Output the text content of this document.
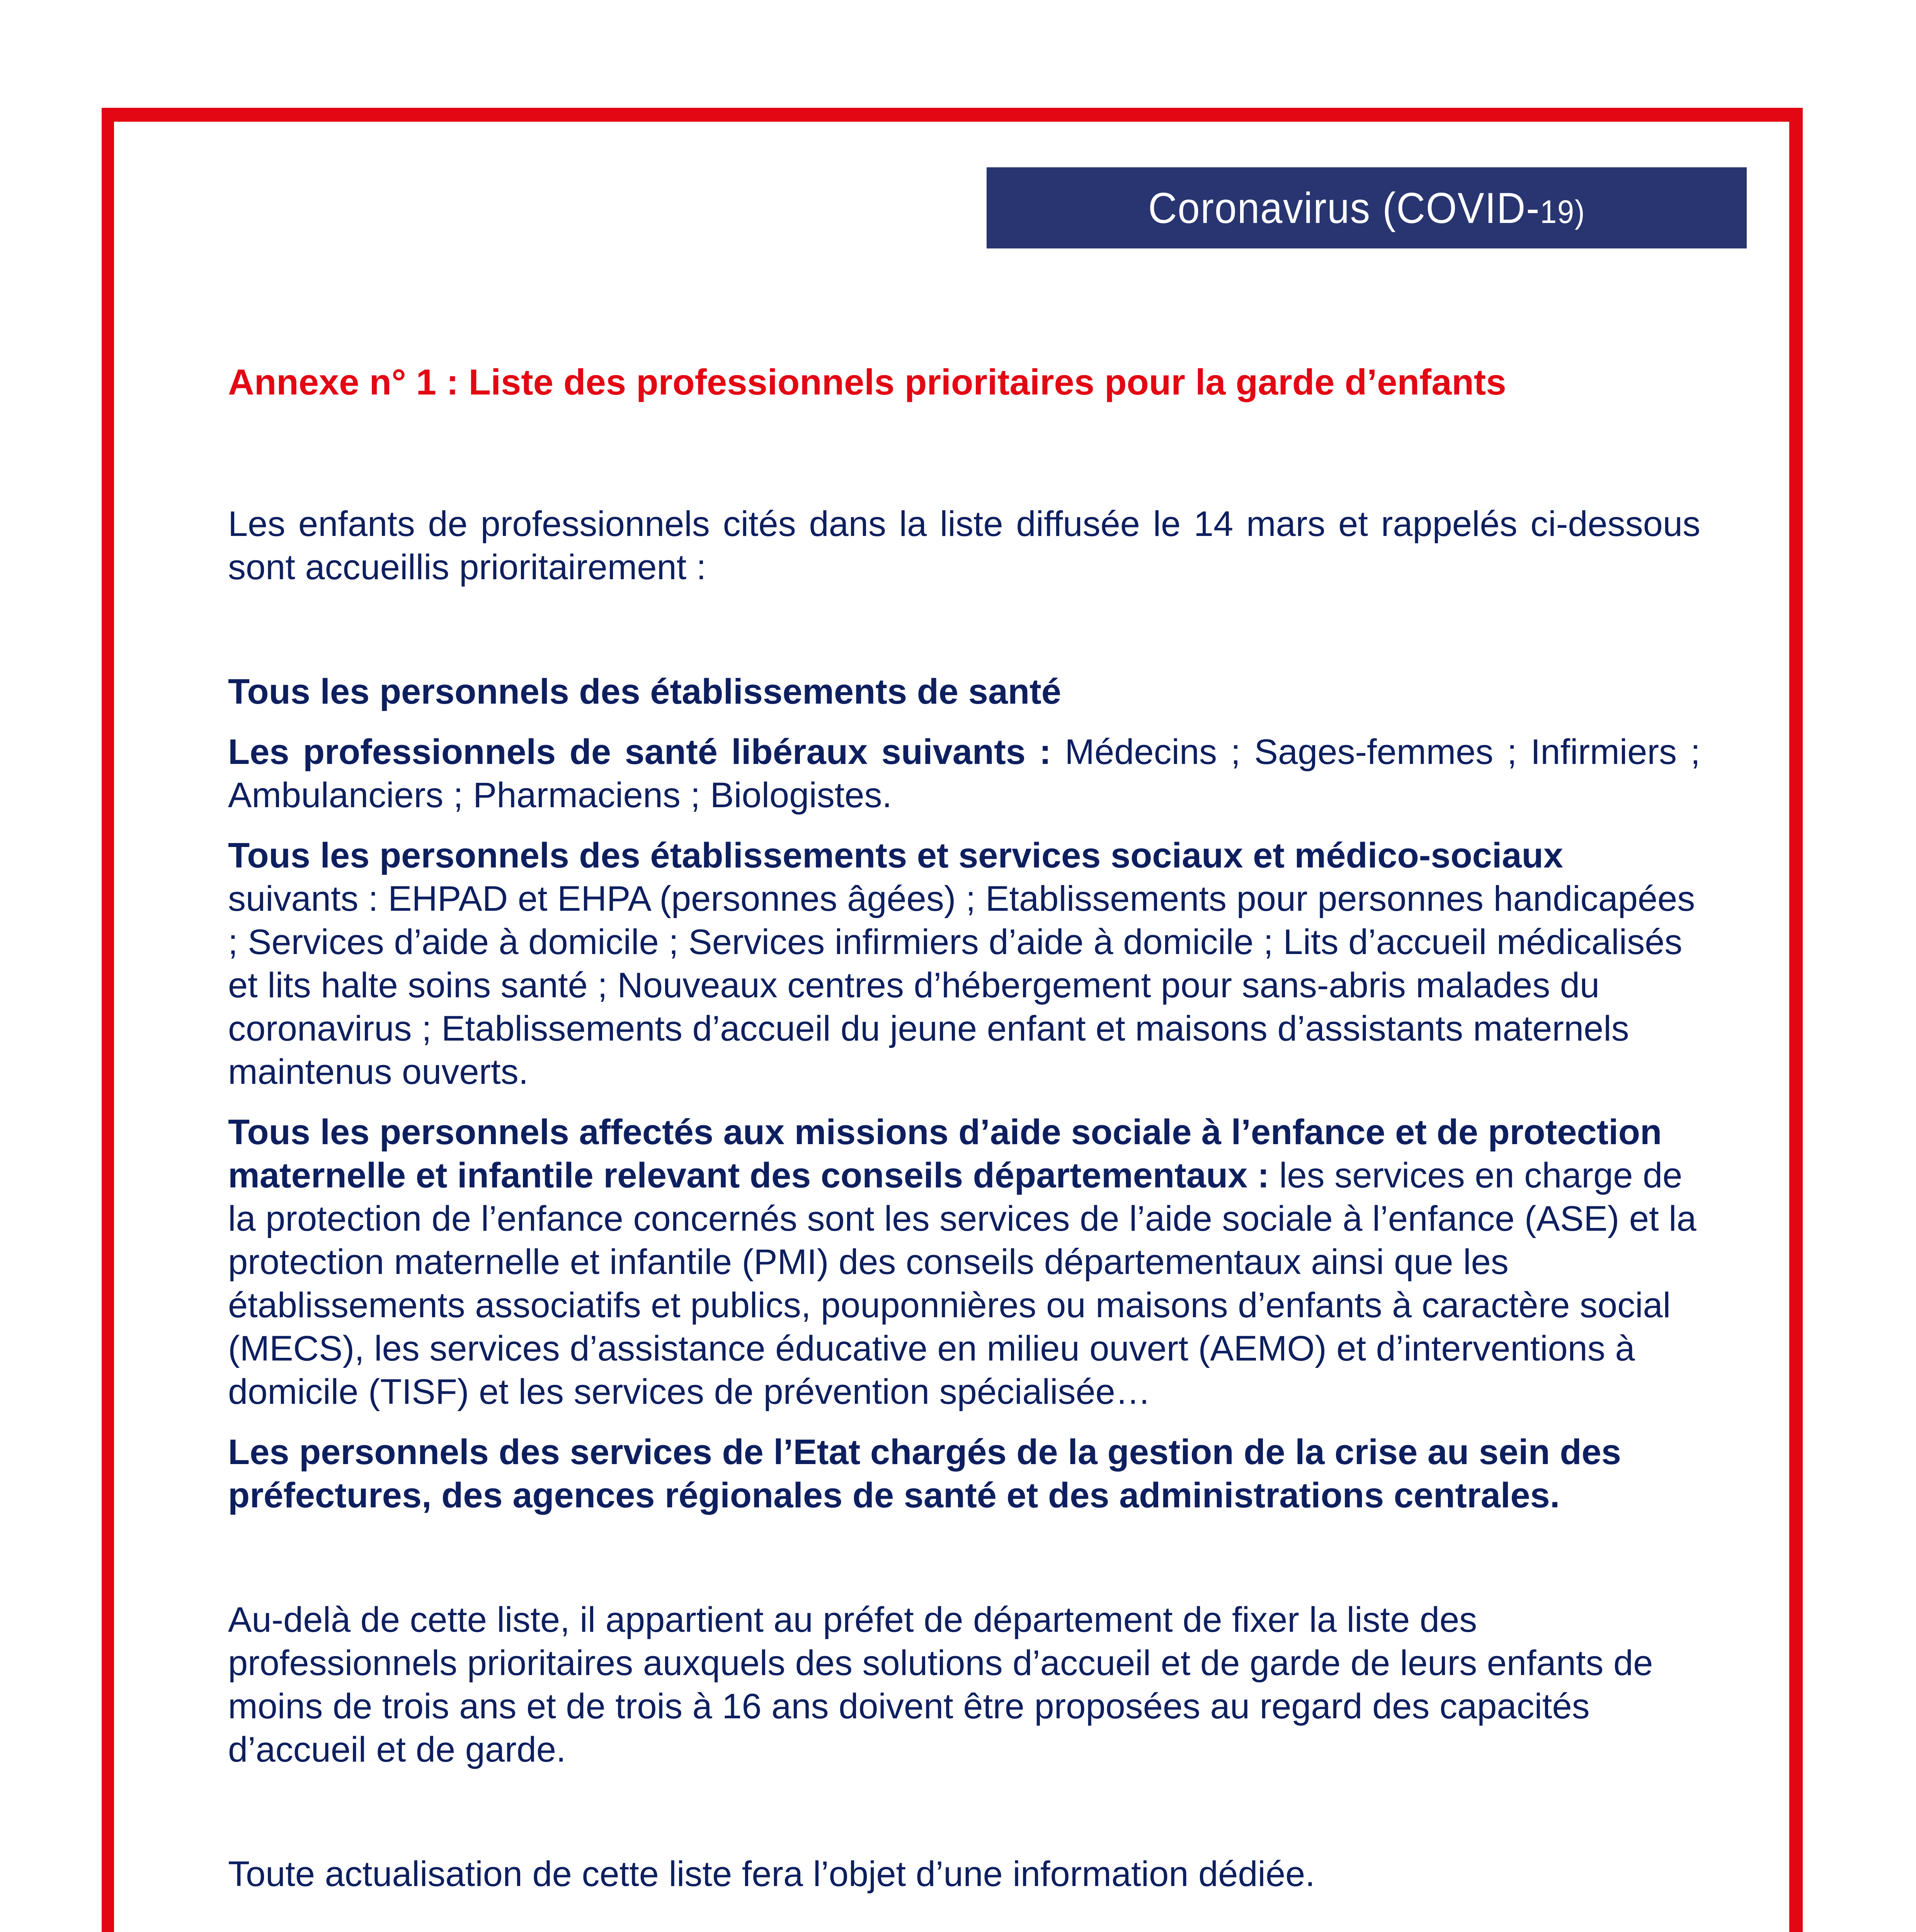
Coronavirus (COVID-19)
Annexe n° 1 : Liste des professionnels prioritaires pour la garde d’enfants

Les enfants de professionnels cités dans la liste diffusée le 14 mars et rappelés ci-dessous sont accueillis prioritairement :

Tous les personnels des établissements de santé

Les professionnels de santé libéraux suivants : Médecins ; Sages-femmes ; Infirmiers ; Ambulanciers ; Pharmaciens ; Biologistes.

Tous les personnels des établissements et services sociaux et médico-sociaux suivants : EHPAD et EHPA (personnes âgées) ; Etablissements pour personnes handicapées ; Services d’aide à domicile ; Services infirmiers d’aide à domicile ; Lits d’accueil médicalisés et lits halte soins santé ; Nouveaux centres d’hébergement pour sans-abris malades du coronavirus ; Etablissements d’accueil du jeune enfant et maisons d’assistants maternels maintenus ouverts.

Tous les personnels affectés aux missions d’aide sociale à l’enfance et de protection maternelle et infantile relevant des conseils départementaux : les services en charge de la protection de l’enfance concernés sont les services de l’aide sociale à l’enfance (ASE) et la protection maternelle et infantile (PMI) des conseils départementaux ainsi que les établissements associatifs et publics, pouponnières ou maisons d’enfants à caractère social (MECS), les services d’assistance éducative en milieu ouvert (AEMO) et d’interventions à domicile (TISF) et les services de prévention spécialisée…

Les personnels des services de l’Etat chargés de la gestion de la crise au sein des préfectures, des agences régionales de santé et des administrations centrales.

Au-delà de cette liste, il appartient au préfet de département de fixer la liste des professionnels prioritaires auxquels des solutions d’accueil et de garde de leurs enfants de moins de trois ans et de trois à 16 ans doivent être proposées au regard des capacités d’accueil et de garde.

Toute actualisation de cette liste fera l’objet d’une information dédiée.
